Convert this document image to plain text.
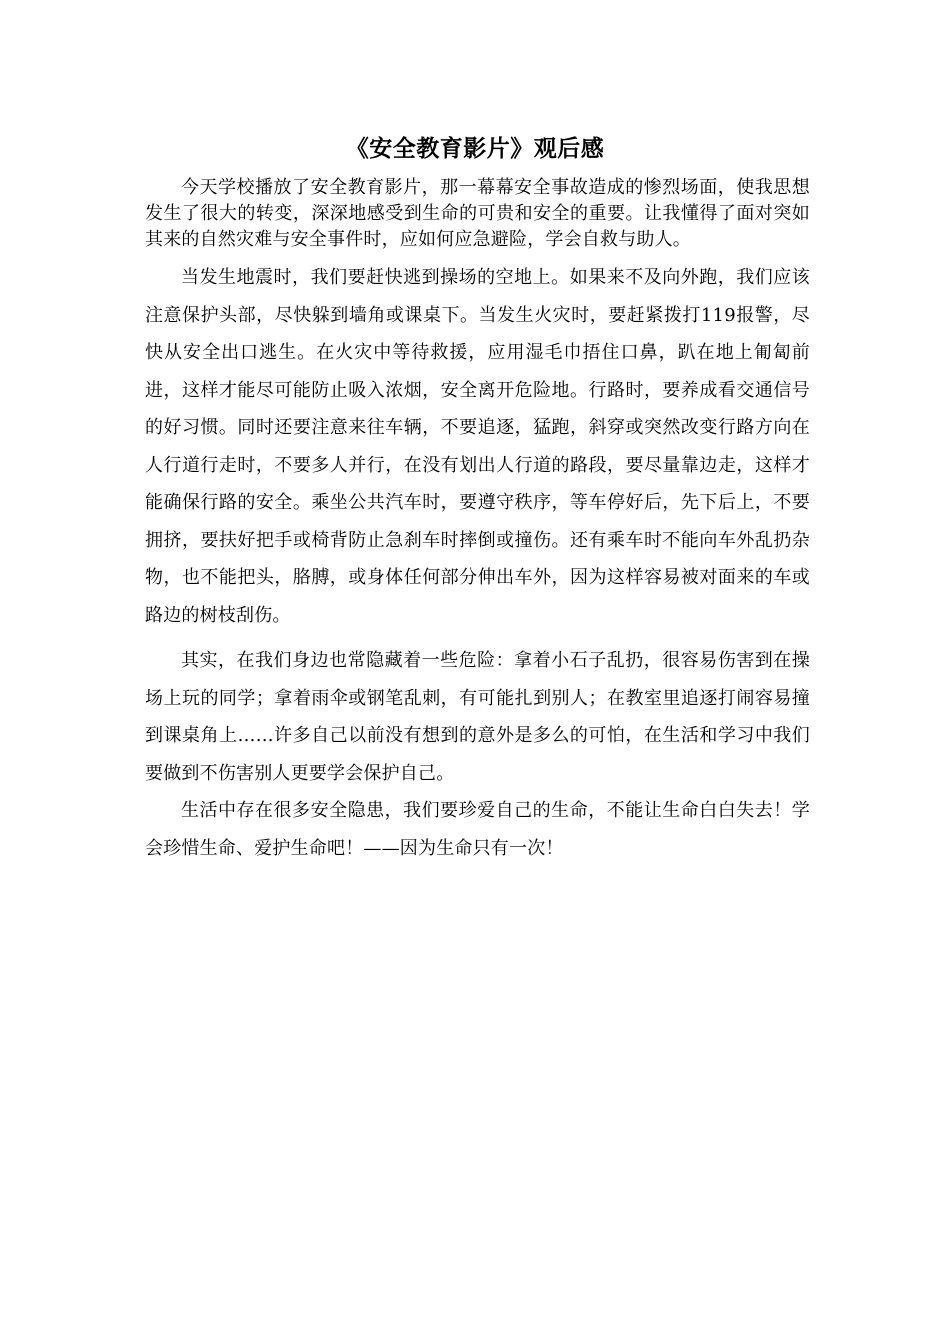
《安全教育影片》观后感

今天学校播放了安全教育影片，那一幕幕安全事故造成的惨烈场面，使我思想发生了很大的转变，深深地感受到生命的可贵和安全的重要。让我懂得了面对突如其来的自然灾难与安全事件时，应如何应急避险，学会自救与助人。

当发生地震时，我们要赶快逃到操场的空地上。如果来不及向外跑，我们应该注意保护头部，尽快躲到墙角或课桌下。当发生火灾时，要赶紧拨打119报警，尽快从安全出口逃生。在火灾中等待救援，应用湿毛巾捂住口鼻，趴在地上匍匐前进，这样才能尽可能防止吸入浓烟，安全离开危险地。行路时，要养成看交通信号的好习惯。同时还要注意来往车辆，不要追逐，猛跑，斜穿或突然改变行路方向在人行道行走时，不要多人并行，在没有划出人行道的路段，要尽量靠边走，这样才能确保行路的安全。乘坐公共汽车时，要遵守秩序，等车停好后，先下后上，不要拥挤，要扶好把手或椅背防止急刹车时摔倒或撞伤。还有乘车时不能向车外乱扔杂物，也不能把头，胳膊，或身体任何部分伸出车外，因为这样容易被对面来的车或路边的树枝刮伤。

其实，在我们身边也常隐藏着一些危险：拿着小石子乱扔，很容易伤害到在操场上玩的同学；拿着雨伞或钢笔乱刺，有可能扎到别人；在教室里追逐打闹容易撞到课桌角上……许多自己以前没有想到的意外是多么的可怕，在生活和学习中我们要做到不伤害别人更要学会保护自己。

生活中存在很多安全隐患，我们要珍爱自己的生命，不能让生命白白失去！学会珍惜生命、爱护生命吧！——因为生命只有一次！
